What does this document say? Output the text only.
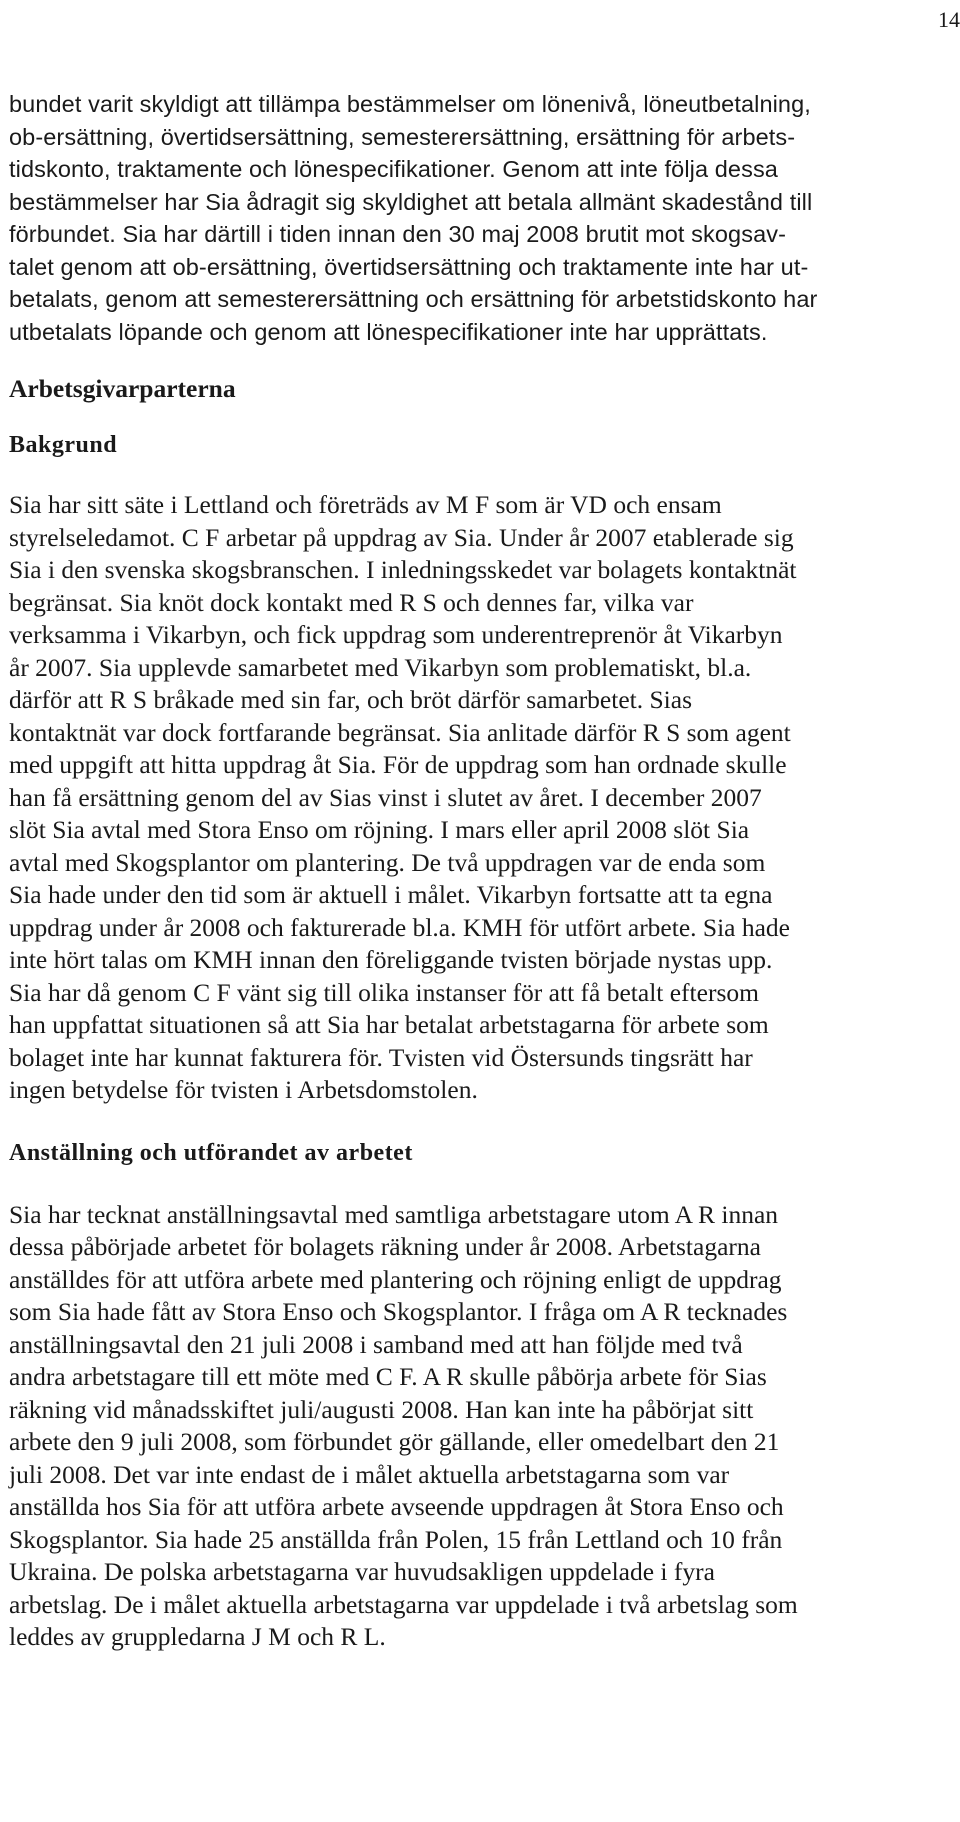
14

bundet varit skyldigt att tillämpa bestämmelser om lönenivå, löneutbetalning,
ob-ersättning, övertidsersättning, semesterersättning, ersättning för arbets-
tidskonto, traktamente och lönespecifikationer. Genom att inte följa dessa
bestämmelser har Sia ådragit sig skyldighet att betala allmänt skadestånd till
förbundet. Sia har därtill i tiden innan den 30 maj 2008 brutit mot skogsav-
talet genom att ob-ersättning, övertidsersättning och traktamente inte har ut-
betalats, genom att semesterersättning och ersättning för arbetstidskonto har
utbetalats löpande och genom att lönespecifikationer inte har upprättats.

Arbetsgivarparterna
Bakgrund

Sia har sitt säte i Lettland och företräds av M F som är VD och ensam
styrelseledamot. C F arbetar på uppdrag av Sia. Under år 2007 etablerade sig
Sia i den svenska skogsbranschen. I inledningsskedet var bolagets kontaktnät
begränsat. Sia knöt dock kontakt med R S och dennes far, vilka var
verksamma i Vikarbyn, och fick uppdrag som underentreprenör åt Vikarbyn
år 2007. Sia upplevde samarbetet med Vikarbyn som problematiskt, bl.a.
därför att R S bråkade med sin far, och bröt därför samarbetet. Sias
kontaktnät var dock fortfarande begränsat. Sia anlitade därför R S som agent
med uppgift att hitta uppdrag åt Sia. För de uppdrag som han ordnade skulle
han få ersättning genom del av Sias vinst i slutet av året. I december 2007
slöt Sia avtal med Stora Enso om röjning. I mars eller april 2008 slöt Sia
avtal med Skogsplantor om plantering. De två uppdragen var de enda som
Sia hade under den tid som är aktuell i målet. Vikarbyn fortsatte att ta egna
uppdrag under år 2008 och fakturerade bl.a. KMH för utfört arbete. Sia hade
inte hört talas om KMH innan den föreliggande tvisten började nystas upp.
Sia har då genom C F vänt sig till olika instanser för att få betalt eftersom
han uppfattat situationen så att Sia har betalat arbetstagarna för arbete som
bolaget inte har kunnat fakturera för. Tvisten vid Östersunds tingsrätt har
ingen betydelse för tvisten i Arbetsdomstolen.

Anställning och utförandet av arbetet

Sia har tecknat anställningsavtal med samtliga arbetstagare utom A R innan
dessa påbörjade arbetet för bolagets räkning under år 2008. Arbetstagarna
anställdes för att utföra arbete med plantering och röjning enligt de uppdrag
som Sia hade fått av Stora Enso och Skogsplantor. I fråga om A R tecknades
anställningsavtal den 21 juli 2008 i samband med att han följde med två
andra arbetstagare till ett möte med C F. A R skulle påbörja arbete för Sias
räkning vid månadsskiftet juli/augusti 2008. Han kan inte ha påbörjat sitt
arbete den 9 juli 2008, som förbundet gör gällande, eller omedelbart den 21
juli 2008. Det var inte endast de i målet aktuella arbetstagarna som var
anställda hos Sia för att utföra arbete avseende uppdragen åt Stora Enso och
Skogsplantor. Sia hade 25 anställda från Polen, 15 från Lettland och 10 från
Ukraina. De polska arbetstagarna var huvudsakligen uppdelade i fyra
arbetslag. De i målet aktuella arbetstagarna var uppdelade i två arbetslag som
leddes av gruppledarna J M och R L.
